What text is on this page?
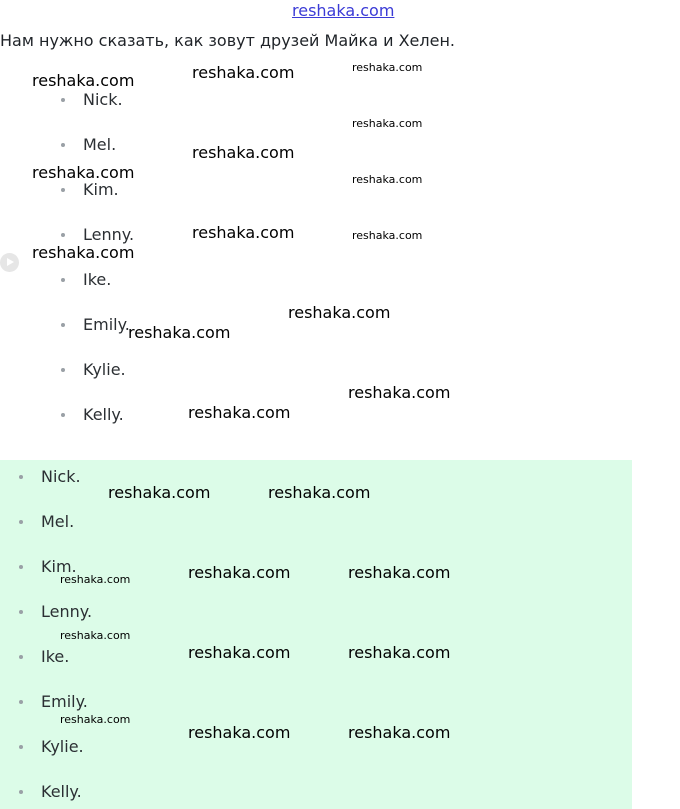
reshaka.com
Нам нужно сказать, как зовут друзей Майка и Хелен.
Nick.
Mel.
Kim.
Lenny.
Ike.
Emily.
Kylie.
Kelly.
Nick.
Mel.
Kim.
Lenny.
Ike.
Emily.
Kylie.
Kelly.
reshaka.com	reshaka.com	reshaka.com
reshaka.com
reshaka.com
reshaka.com	reshaka.com
reshaka.com	reshaka.com
reshaka.com
reshaka.com
reshaka.com
reshaka.com
reshaka.com
reshaka.com	reshaka.com
reshaka.com	reshaka.com
reshaka.com
reshaka.com
reshaka.com	reshaka.com
reshaka.com
reshaka.com	reshaka.com
